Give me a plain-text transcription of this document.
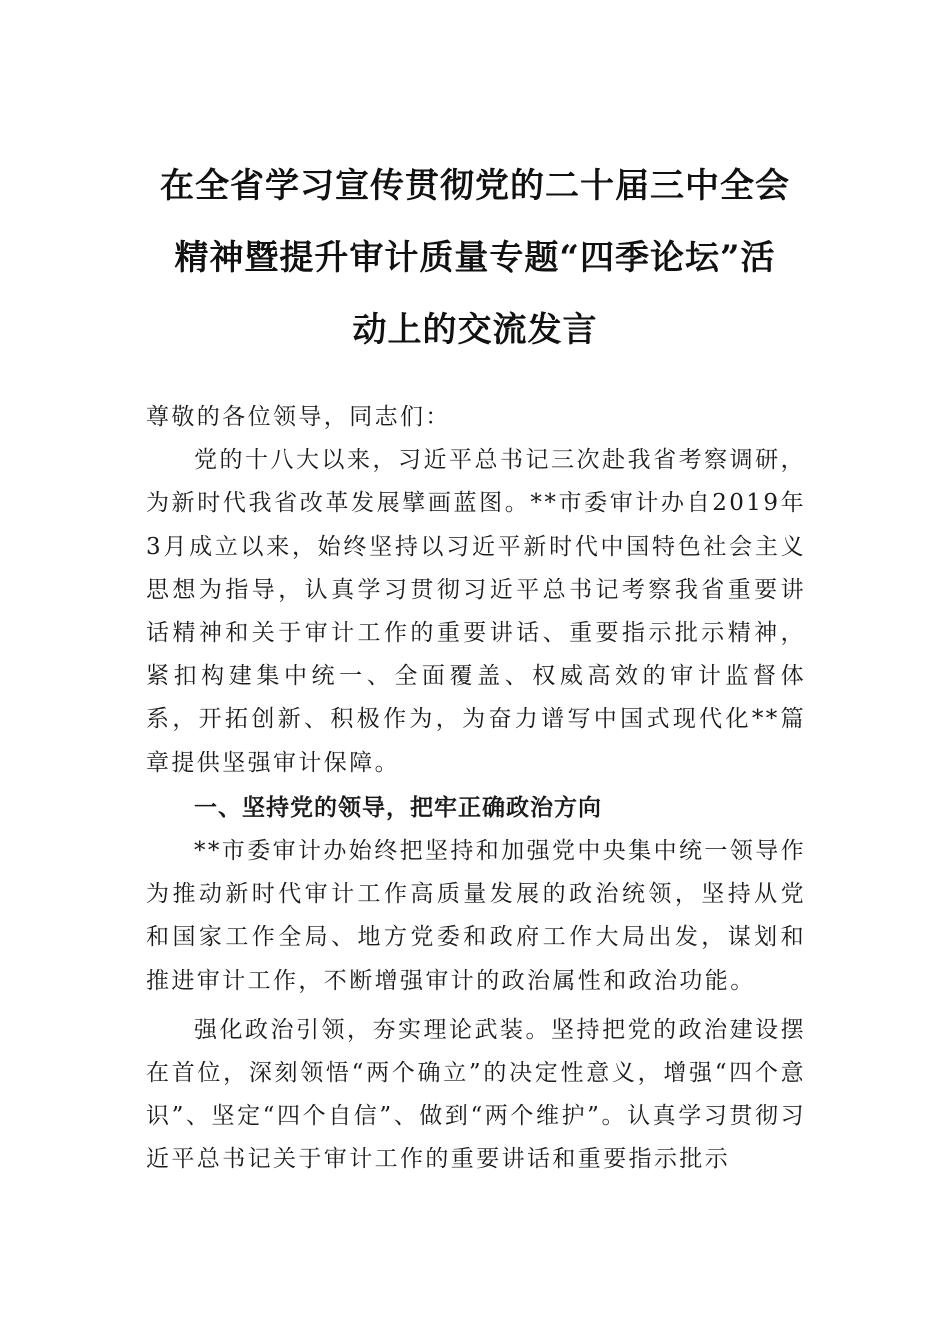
在全省学习宣传贯彻党的二十届三中全会
精神暨提升审计质量专题“四季论坛”活
动上的交流发言

尊敬的各位领导，同志们：

党的十八大以来，习近平总书记三次赴我省考察调研，为新时代我省改革发展擘画蓝图。**市委审计办自2019年3月成立以来，始终坚持以习近平新时代中国特色社会主义思想为指导，认真学习贯彻习近平总书记考察我省重要讲话精神和关于审计工作的重要讲话、重要指示批示精神，紧扣构建集中统一、全面覆盖、权威高效的审计监督体系，开拓创新、积极作为，为奋力谱写中国式现代化**篇章提供坚强审计保障。

一、坚持党的领导，把牢正确政治方向

**市委审计办始终把坚持和加强党中央集中统一领导作为推动新时代审计工作高质量发展的政治统领，坚持从党和国家工作全局、地方党委和政府工作大局出发，谋划和推进审计工作，不断增强审计的政治属性和政治功能。

强化政治引领，夯实理论武装。坚持把党的政治建设摆在首位，深刻领悟“两个确立”的决定性意义，增强“四个意识”、坚定“四个自信”、做到“两个维护”。认真学习贯彻习近平总书记关于审计工作的重要讲话和重要指示批示
